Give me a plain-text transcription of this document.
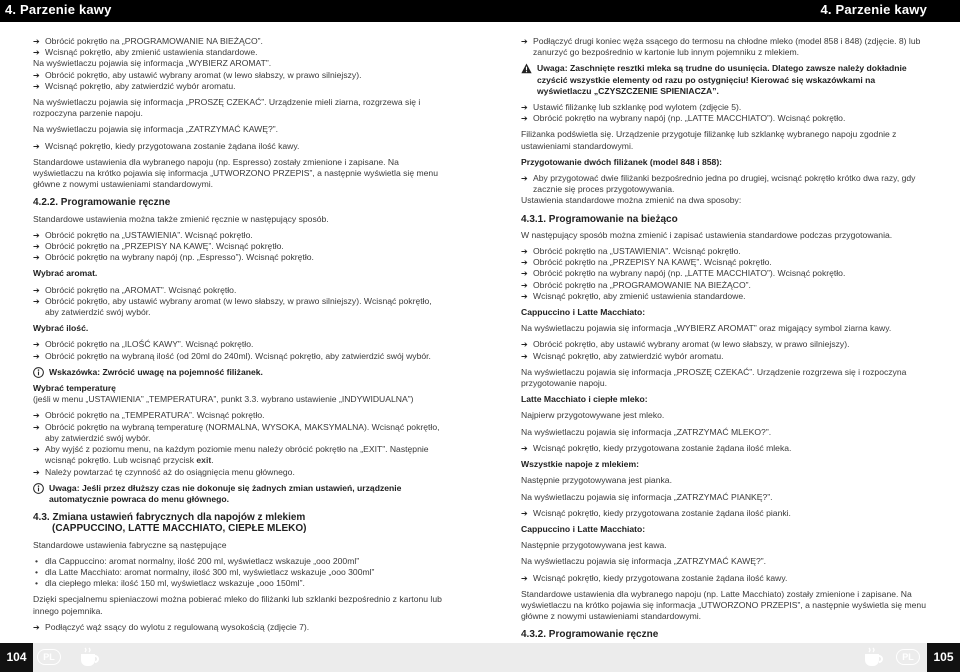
4. Parzenie kawy	4. Parzenie kawy

➔ Obrócić pokrętło na „PROGRAMOWANIE NA BIEŻĄCO”.

➔ Wcisnąć pokrętło, aby zmienić ustawienia standardowe.

Na wyświetlaczu pojawia się informacja „WYBIERZ AROMAT”.

➔ Obrócić pokrętło, aby ustawić wybrany aromat (w lewo słabszy, w prawo silniejszy).

➔ Wcisnąć pokrętło, aby zatwierdzić wybór aromatu.

Na wyświetlaczu pojawia się informacja „PROSZĘ CZEKAĆ”. Urządzenie mieli ziarna, rozgrzewa się i rozpoczyna parzenie napoju.

Na wyświetlaczu pojawia się informacja „ZATRZYMAĆ KAWĘ?”.

➔ Wcisnąć pokrętło, kiedy przygotowana zostanie żądana ilość kawy.

Standardowe ustawienia dla wybranego napoju (np. Espresso) zostały zmienione i zapisane. Na wyświetlaczu na krótko pojawia się informacja „UTWORZONO PRZEPIS”, a następnie wyświetla się menu główne z nowymi ustawieniami standardowymi.

4.2.2. Programowanie ręczne

Standardowe ustawienia można także zmienić ręcznie w następujący sposób.

➔ Obrócić pokrętło na „USTAWIENIA”. Wcisnąć pokrętło.

➔ Obrócić pokrętło na „PRZEPISY NA KAWĘ”. Wcisnąć pokrętło.

➔ Obrócić pokrętło na wybrany napój (np. „Espresso”). Wcisnąć pokrętło.

Wybrać aromat.

➔ Obrócić pokrętło na „AROMAT”. Wcisnąć pokrętło.

➔ Obrócić pokrętło, aby ustawić wybrany aromat (w lewo słabszy, w prawo silniejszy). Wcisnąć pokrętło, aby zatwierdzić swój wybór.

Wybrać ilość.

➔ Obrócić pokrętło na „ILOŚĆ KAWY”. Wcisnąć pokrętło.

➔ Obrócić pokrętło na wybraną ilość (od 20ml do 240ml). Wcisnąć pokrętło, aby zatwierdzić swój wybór.

Wskazówka: Zwrócić uwagę na pojemność filiżanek.

Wybrać temperaturę

(jeśli w menu „USTAWIENIA” „TEMPERATURA”, punkt 3.3. wybrano ustawienie „INDYWIDUALNA”)

➔ Obrócić pokrętło na „TEMPERATURA”. Wcisnąć pokrętło.

➔ Obrócić pokrętło na wybraną temperaturę (NORMALNA, WYSOKA, MAKSYMALNA). Wcisnąć pokrętło, aby zatwierdzić swój wybór.

➔ Aby wyjść z poziomu menu, na każdym poziomie menu należy obrócić pokrętło na „EXIT”. Następnie wcisnąć pokrętło. Lub wcisnąć przycisk exit.

➔ Należy powtarzać tę czynność aż do osiągnięcia menu głównego.

Uwaga: Jeśli przez dłuższy czas nie dokonuje się żadnych zmian ustawień, urządzenie automatycznie powraca do menu głównego.

4.3. Zmiana ustawień fabrycznych dla napojów z mlekiem

(CAPPUCCINO, LATTE MACCHIATO, CIEPŁE MLEKO)

Standardowe ustawienia fabryczne są następujące

• dla Cappuccino: aromat normalny, ilość 200 ml, wyświetlacz wskazuje „ooo 200ml”

• dla Latte Macchiato: aromat normalny, ilość 300 ml, wyświetlacz wskazuje „ooo 300ml”

• dla ciepłego mleka: ilość 150 ml, wyświetlacz wskazuje „ooo 150ml”.

Dzięki specjalnemu spieniaczowi można pobierać mleko do filiżanki lub szklanki bezpośrednio z kartonu lub innego pojemnika.

➔ Podłączyć wąż ssący do wylotu z regulowaną wysokością (zdjęcie 7).

➔ Podłączyć drugi koniec węża ssącego do termosu na chłodne mleko (model 858 i 848) (zdjęcie. 8) lub zanurzyć go bezpośrednio w kartonie lub innym pojemniku z mlekiem.

Uwaga: Zaschnięte resztki mleka są trudne do usunięcia. Dlatego zawsze należy dokładnie czyścić wszystkie elementy od razu po ostygnięciu! Kierować się wskazówkami na wyświetlaczu „CZYSZCZENIE SPIENIACZA”.

➔ Ustawić filiżankę lub szklankę pod wylotem (zdjęcie 5).

➔ Obrócić pokrętło na wybrany napój (np. „LATTE MACCHIATO”). Wcisnąć pokrętło.

Filiżanka podświetla się. Urządzenie przygotuje filiżankę lub szklankę wybranego napoju zgodnie z ustawieniami standardowymi.

Przygotowanie dwóch filiżanek (model 848 i 858):

➔ Aby przygotować dwie filiżanki bezpośrednio jedna po drugiej, wcisnąć pokrętło krótko dwa razy, gdy zacznie się proces przygotowywania.

Ustawienia standardowe można zmienić na dwa sposoby:

4.3.1. Programowanie na bieżąco

W następujący sposób można zmienić i zapisać ustawienia standardowe podczas przygotowania.

➔ Obrócić pokrętło na „USTAWIENIA”. Wcisnąć pokrętło.

➔ Obrócić pokrętło na „PRZEPISY NA KAWĘ”. Wcisnąć pokrętło.

➔ Obrócić pokrętło na wybrany napój (np. „LATTE MACCHIATO”). Wcisnąć pokrętło.

➔ Obrócić pokrętło na „PROGRAMOWANIE NA BIEŻĄCO”.

➔ Wcisnąć pokrętło, aby zmienić ustawienia standardowe.

Cappuccino i Latte Macchiato:

Na wyświetlaczu pojawia się informacja „WYBIERZ AROMAT” oraz migający symbol ziarna kawy.

➔ Obrócić pokrętło, aby ustawić wybrany aromat (w lewo słabszy, w prawo silniejszy).

➔ Wcisnąć pokrętło, aby zatwierdzić wybór aromatu.

Na wyświetlaczu pojawia się informacja „PROSZĘ CZEKAĆ”. Urządzenie rozgrzewa się i rozpoczyna przygotowanie napoju.

Latte Macchiato i ciepłe mleko:

Najpierw przygotowywane jest mleko.

Na wyświetlaczu pojawia się informacja „ZATRZYMAĆ MLEKO?”.

➔ Wcisnąć pokrętło, kiedy przygotowana zostanie żądana ilość mleka.

Wszystkie napoje z mlekiem:

Następnie przygotowywana jest pianka.

Na wyświetlaczu pojawia się informacja „ZATRZYMAĆ PIANKĘ?”.

➔ Wcisnąć pokrętło, kiedy przygotowana zostanie żądana ilość pianki.

Cappuccino i Latte Macchiato:

Następnie przygotowywana jest kawa.

Na wyświetlaczu pojawia się informacja „ZATRZYMAĆ KAWĘ?”.

➔ Wcisnąć pokrętło, kiedy przygotowana zostanie żądana ilość kawy.

Standardowe ustawienia dla wybranego napoju (np. Latte Macchiato) zostały zmienione i zapisane. Na wyświetlaczu na krótko pojawia się informacja „UTWORZONO PRZEPIS”, a następnie wyświetla się menu główne z nowymi ustawieniami standardowymi.

4.3.2. Programowanie ręczne

104	105
PL	PL
